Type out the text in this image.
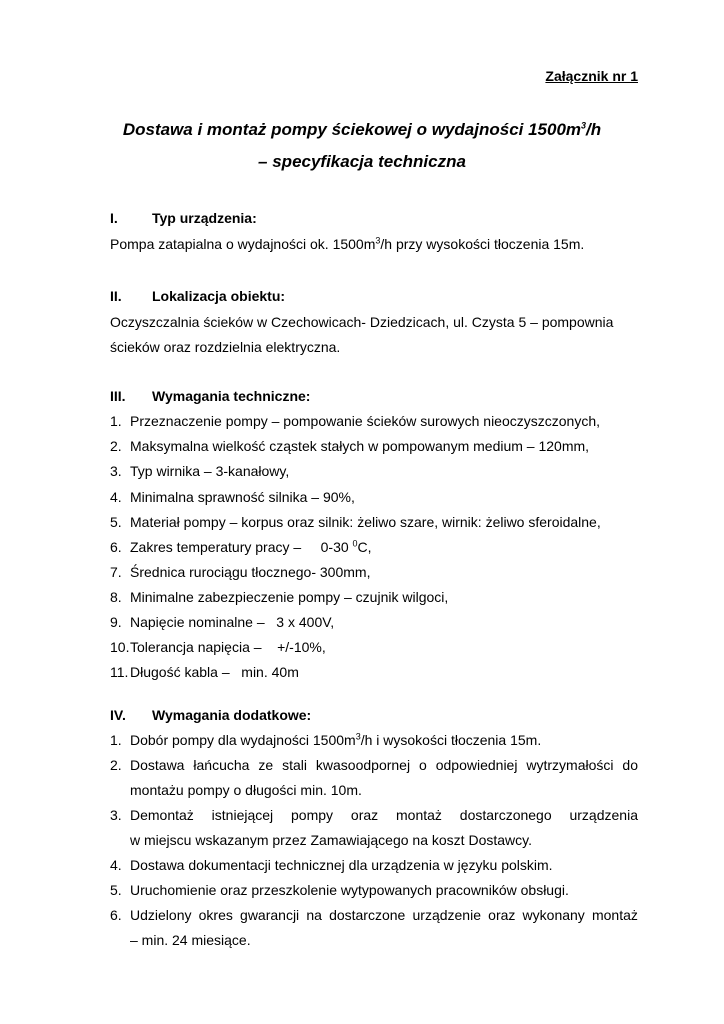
Załącznik nr 1
Dostawa i montaż pompy ściekowej o wydajności $1500m^3/h$
– specyfikacja techniczna
I. Typ urządzenia:
Pompa zatapialna o wydajności ok. $1500m^3/h$ przy wysokości tłoczenia 15m.
II. Lokalizacja obiektu:
Oczyszczalnia ścieków w Czechowicach- Dziedzicach, ul. Czysta 5 – pompownia
ścieków oraz rozdzielnia elektryczna.
III. Wymagania techniczne:
1. Przeznaczenie pompy – pompowanie ścieków surowych nieoczyszczonych,
2. Maksymalna wielkość cząstek stałych w pompowanym medium – 120mm,
3. Typ wirnika – 3-kanałowy,
4. Minimalna sprawność silnika – 90%,
5. Materiał pompy – korpus oraz silnik: żeliwo szare, wirnik: żeliwo sferoidalne,
6. Zakres temperatury pracy –     0-30 $^0$C,
7. Średnica rurociągu tłocznego- 300mm,
8. Minimalne zabezpieczenie pompy – czujnik wilgoci,
9. Napięcie nominalne –   3 x 400V,
10. Tolerancja napięcia –    +/-10%,
11. Długość kabla –   min. 40m
IV. Wymagania dodatkowe:
1. Dobór pompy dla wydajności $1500m^3/h$ i wysokości tłoczenia 15m.
2. Dostawa łańcucha ze stali kwasoodpornej o odpowiedniej wytrzymałości do
montażu pompy o długości min. 10m.
3. Demontaż istniejącej pompy oraz montaż dostarczonego urządzenia
w miejscu wskazanym przez Zamawiającego na koszt Dostawcy.
4. Dostawa dokumentacji technicznej dla urządzenia w języku polskim.
5. Uruchomienie oraz przeszkolenie wytypowanych pracowników obsługi.
6. Udzielony okres gwarancji na dostarczone urządzenie oraz wykonany montaż
– min. 24 miesiące.
